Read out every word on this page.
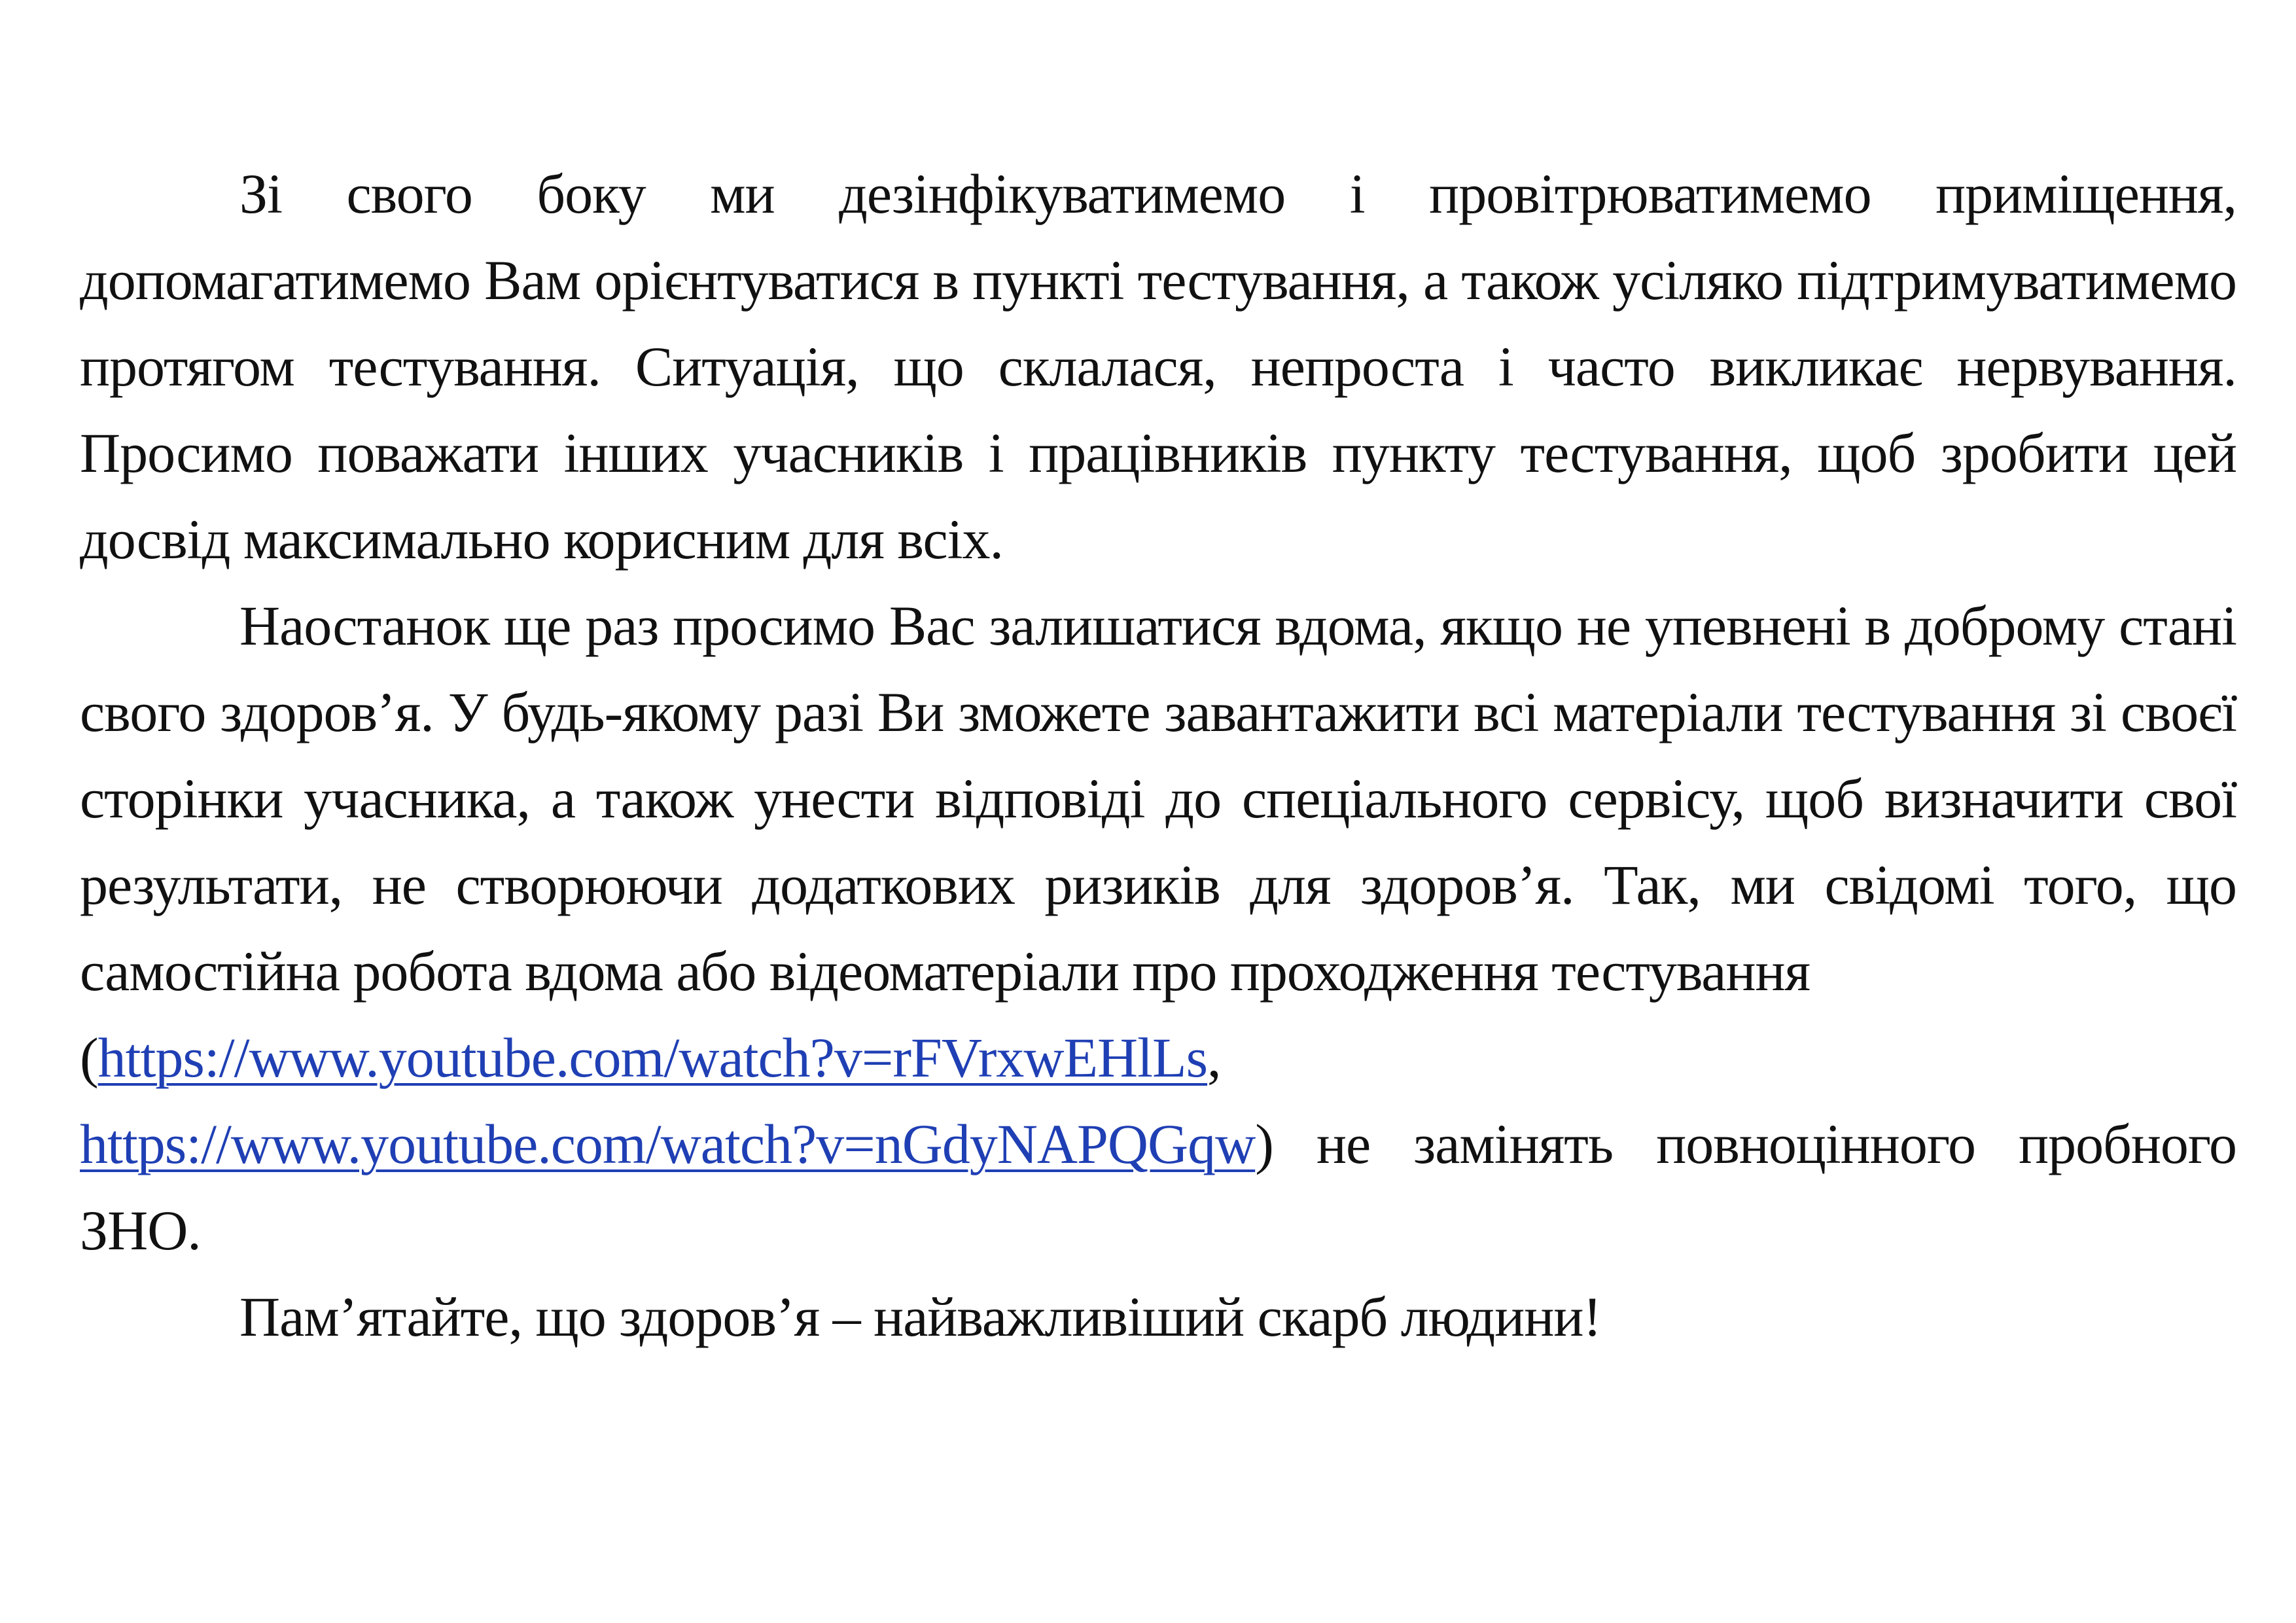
Зі свого боку ми дезінфікуватимемо і провітрюватимемо приміщення, допомагатимемо Вам орієнтуватися в пункті тестування, а також усіляко підтримуватимемо протягом тестування. Ситуація, що склалася, непроста і часто викликає нервування. Просимо поважати інших учасників і працівників пункту тестування, щоб зробити цей досвід максимально корисним для всіх.

Наостанок ще раз просимо Вас залишатися вдома, якщо не упевнені в доброму стані свого здоров’я. У будь-якому разі Ви зможете завантажити всі матеріали тестування зі своєї сторінки учасника, а також унести відповіді до спеціального сервісу, щоб визначити свої результати, не створюючи додаткових ризиків для здоров’я. Так, ми свідомі того, що самостійна робота вдома або відеоматеріали про проходження тестування
(https://www.youtube.com/watch?v=rFVrxwEHlLs,
https://www.youtube.com/watch?v=nGdyNAPQGqw) не замінять повноцінного пробного ЗНО.

Пам’ятайте, що здоров’я – найважливіший скарб людини!
